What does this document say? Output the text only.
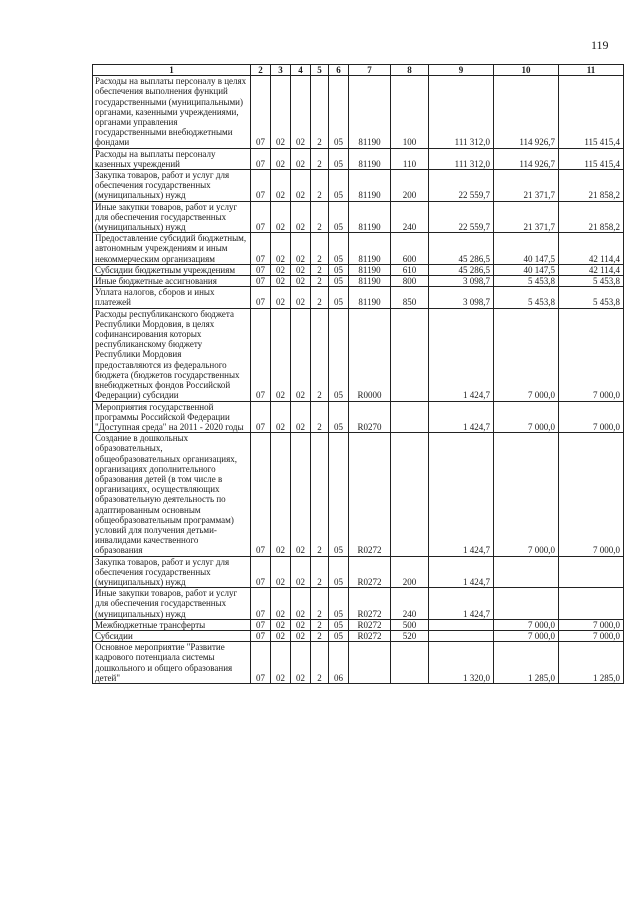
119
1	2	3	4	5	6	7	8	9	10	11
Расходы на выплаты персоналу в целях обеспечения выполнения функций государственными (муниципальными) органами, казенными учреждениями, органами управления государственными внебюджетными фондами	07	02	02	2	05	81190	100	111 312,0	114 926,7	115 415,4
Расходы на выплаты персоналу казенных учреждений	07	02	02	2	05	81190	110	111 312,0	114 926,7	115 415,4
Закупка товаров, работ и услуг для обеспечения государственных (муниципальных) нужд	07	02	02	2	05	81190	200	22 559,7	21 371,7	21 858,2
Иные закупки товаров, работ и услуг для обеспечения государственных (муниципальных) нужд	07	02	02	2	05	81190	240	22 559,7	21 371,7	21 858,2
Предоставление субсидий бюджетным, автономным учреждениям и иным некоммерческим организациям	07	02	02	2	05	81190	600	45 286,5	40 147,5	42 114,4
Субсидии бюджетным учреждениям	07	02	02	2	05	81190	610	45 286,5	40 147,5	42 114,4
Иные бюджетные ассигнования	07	02	02	2	05	81190	800	3 098,7	5 453,8	5 453,8
Уплата налогов, сборов и иных платежей	07	02	02	2	05	81190	850	3 098,7	5 453,8	5 453,8
Расходы республиканского бюджета Республики Мордовия, в целях софинансирования которых республиканскому бюджету Республики Мордовия предоставляются из федерального бюджета (бюджетов государственных внебюджетных фондов Российской Федерации) субсидии	07	02	02	2	05	R0000		1 424,7	7 000,0	7 000,0
Мероприятия государственной программы Российской Федерации "Доступная среда" на 2011 - 2020 годы	07	02	02	2	05	R0270		1 424,7	7 000,0	7 000,0
Создание в дошкольных образовательных, общеобразовательных организациях, организациях дополнительного образования детей (в том числе в организациях, осуществляющих образовательную деятельность по адаптированным основным общеобразовательным программам) условий для получения детьми-инвалидами качественного образования	07	02	02	2	05	R0272		1 424,7	7 000,0	7 000,0
Закупка товаров, работ и услуг для обеспечения государственных (муниципальных) нужд	07	02	02	2	05	R0272	200	1 424,7		
Иные закупки товаров, работ и услуг для обеспечения государственных (муниципальных) нужд	07	02	02	2	05	R0272	240	1 424,7		
Межбюджетные трансферты	07	02	02	2	05	R0272	500		7 000,0	7 000,0
Субсидии	07	02	02	2	05	R0272	520		7 000,0	7 000,0
Основное мероприятие "Развитие кадрового потенциала системы дошкольного и общего образования детей"	07	02	02	2	06			1 320,0	1 285,0	1 285,0
